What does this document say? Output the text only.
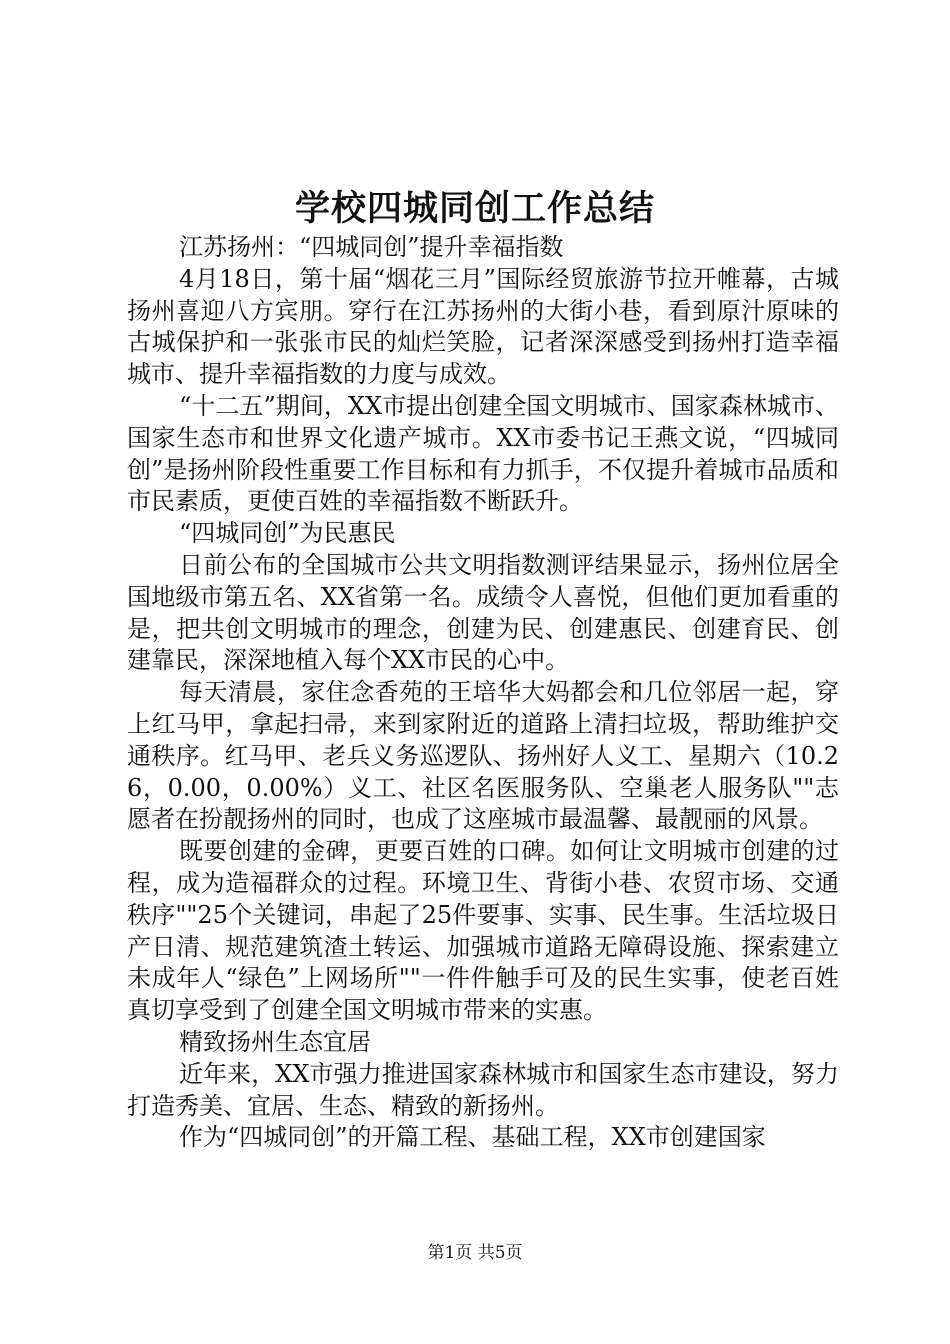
学校四城同创工作总结

江苏扬州：“四城同创”提升幸福指数

4月18日，第十届“烟花三月”国际经贸旅游节拉开帷幕，古城扬州喜迎八方宾朋。穿行在江苏扬州的大街小巷，看到原汁原味的古城保护和一张张市民的灿烂笑脸，记者深深感受到扬州打造幸福城市、提升幸福指数的力度与成效。

“十二五”期间，XX市提出创建全国文明城市、国家森林城市、国家生态市和世界文化遗产城市。XX市委书记王燕文说，“四城同创”是扬州阶段性重要工作目标和有力抓手，不仅提升着城市品质和市民素质，更使百姓的幸福指数不断跃升。

“四城同创”为民惠民

日前公布的全国城市公共文明指数测评结果显示，扬州位居全国地级市第五名、XX省第一名。成绩令人喜悦，但他们更加看重的是，把共创文明城市的理念，创建为民、创建惠民、创建育民、创建靠民，深深地植入每个XX市民的心中。

每天清晨，家住念香苑的王培华大妈都会和几位邻居一起，穿上红马甲，拿起扫帚，来到家附近的道路上清扫垃圾，帮助维护交通秩序。红马甲、老兵义务巡逻队、扬州好人义工、星期六（10.26，0.00，0.00%）义工、社区名医服务队、空巢老人服务队""志愿者在扮靓扬州的同时，也成了这座城市最温馨、最靓丽的风景。

既要创建的金碑，更要百姓的口碑。如何让文明城市创建的过程，成为造福群众的过程。环境卫生、背街小巷、农贸市场、交通秩序""25个关键词，串起了25件要事、实事、民生事。生活垃圾日产日清、规范建筑渣土转运、加强城市道路无障碍设施、探索建立未成年人“绿色”上网场所""一件件触手可及的民生实事，使老百姓真切享受到了创建全国文明城市带来的实惠。

精致扬州生态宜居

近年来，XX市强力推进国家森林城市和国家生态市建设，努力打造秀美、宜居、生态、精致的新扬州。

作为“四城同创”的开篇工程、基础工程，XX市创建国家

第1页 共5页
